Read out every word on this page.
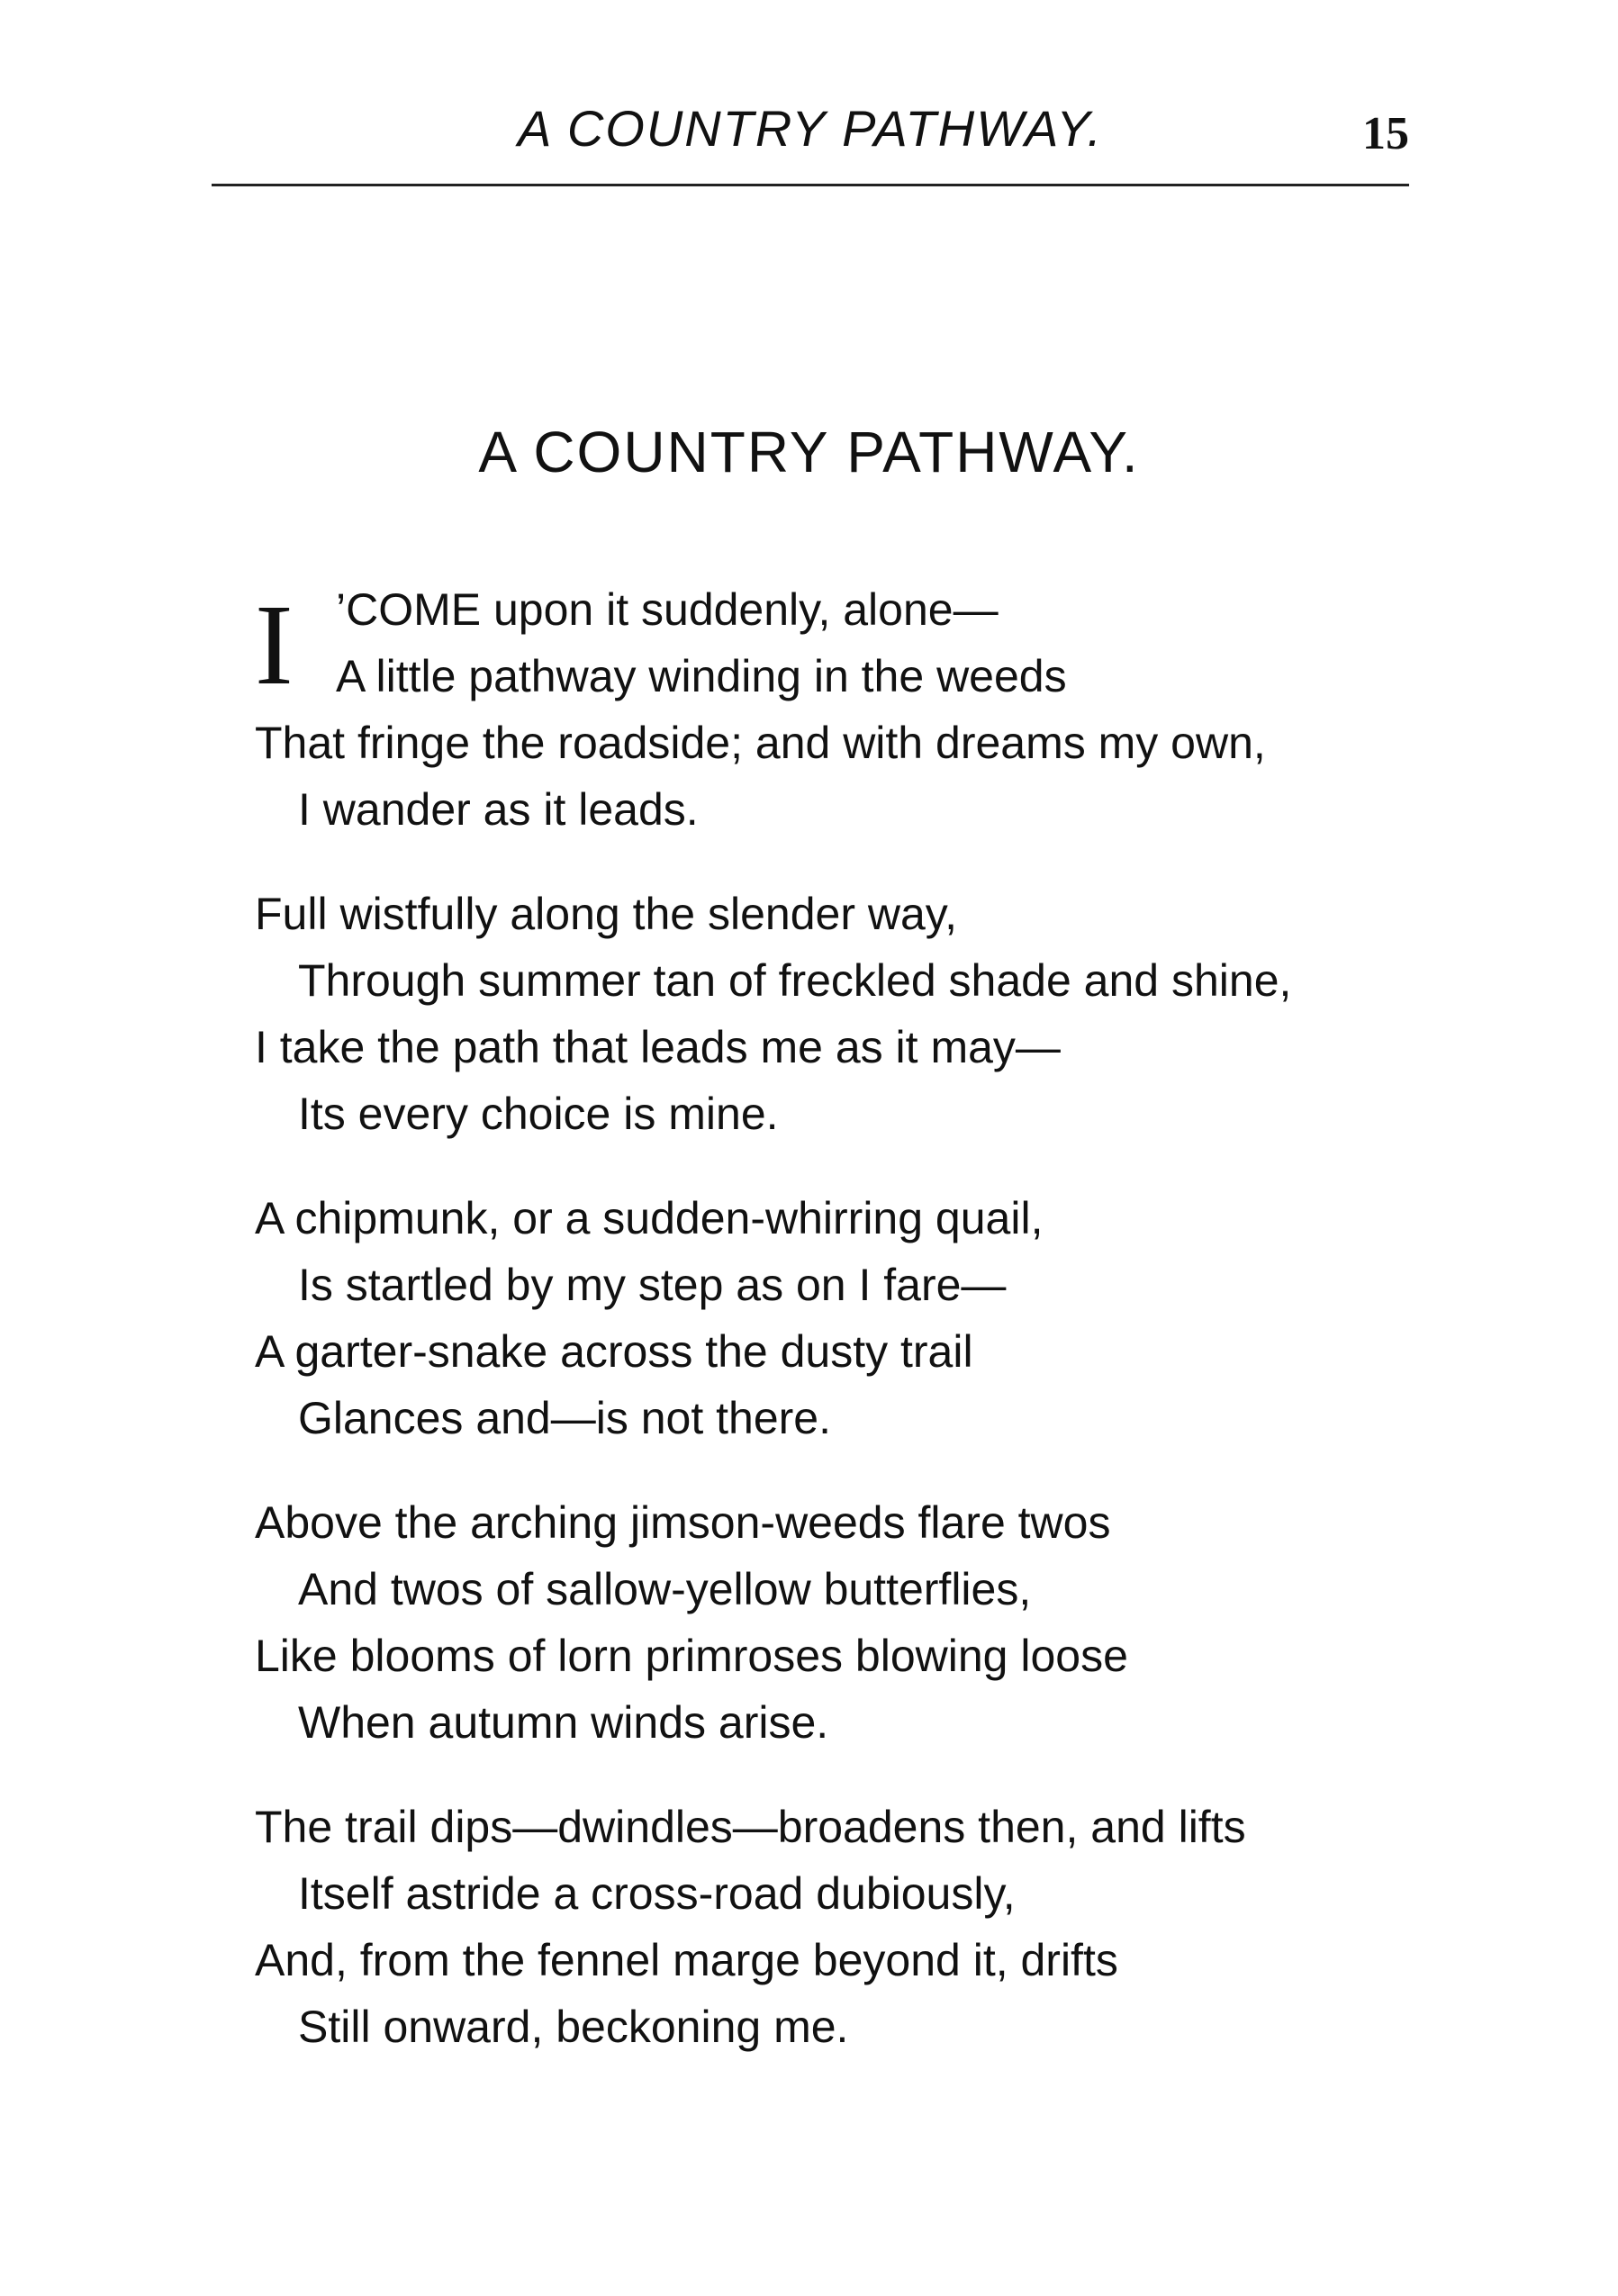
A COUNTRY PATHWAY.	15
A COUNTRY PATHWAY.
I ’COME upon it suddenly, alone—
A little pathway winding in the weeds
That fringe the roadside; and with dreams my own,
I wander as it leads.
Full wistfully along the slender way,
Through summer tan of freckled shade and shine,
I take the path that leads me as it may—
Its every choice is mine.
A chipmunk, or a sudden-whirring quail,
Is startled by my step as on I fare—
A garter-snake across the dusty trail
Glances and—is not there.
Above the arching jimson-weeds flare twos
And twos of sallow-yellow butterflies,
Like blooms of lorn primroses blowing loose
When autumn winds arise.
The trail dips—dwindles—broadens then, and lifts
Itself astride a cross-road dubiously,
And, from the fennel marge beyond it, drifts
Still onward, beckoning me.
